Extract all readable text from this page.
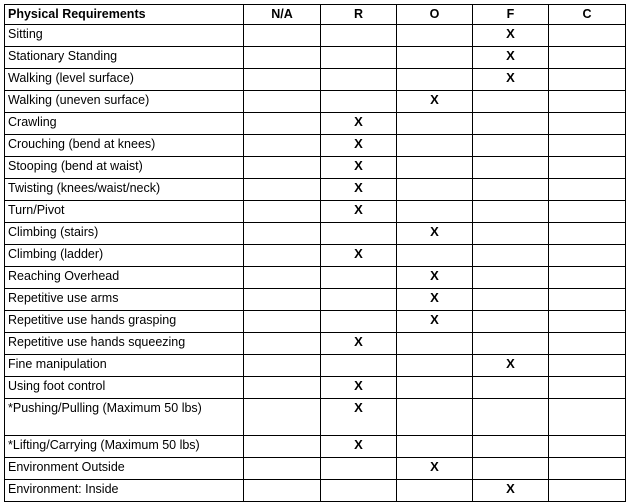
Physical Requirements	N/A	R	O	F	C
Sitting				X	
Stationary Standing				X	
Walking (level surface)				X	
Walking (uneven surface)			X		
Crawling		X			
Crouching (bend at knees)		X			
Stooping (bend at waist)		X			
Twisting (knees/waist/neck)		X			
Turn/Pivot		X			
Climbing (stairs)			X		
Climbing (ladder)		X			
Reaching Overhead			X		
Repetitive use arms			X		
Repetitive use hands grasping			X		
Repetitive use hands squeezing		X			
Fine manipulation				X	
Using foot control		X			
*Pushing/Pulling (Maximum 50 lbs)		X			
*Lifting/Carrying (Maximum 50 lbs)		X			
Environment Outside			X		
Environment: Inside				X	
